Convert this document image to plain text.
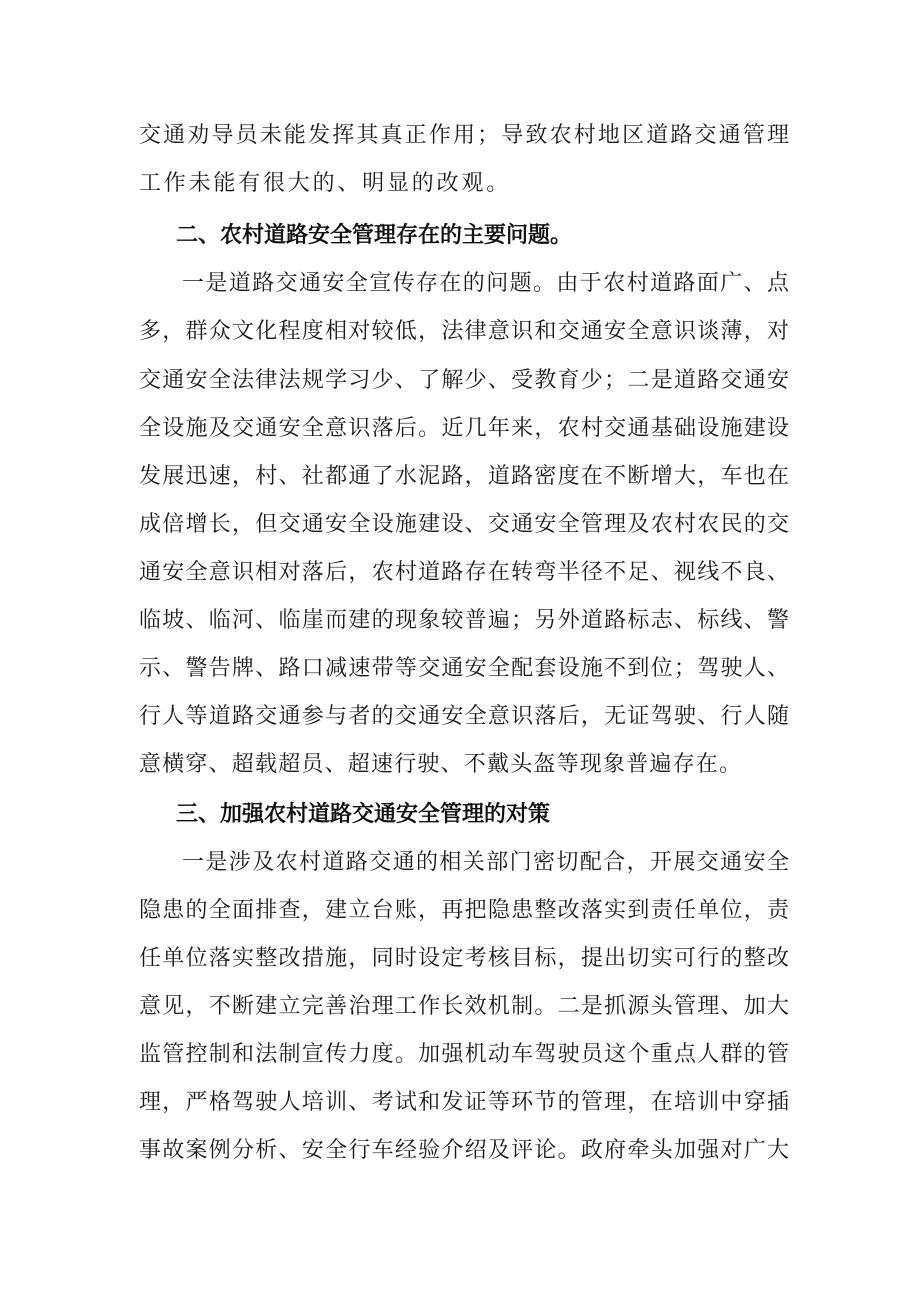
交通劝导员未能发挥其真正作用；导致农村地区道路交通管理
工作未能有很大的、明显的改观。
二、农村道路安全管理存在的主要问题。
一是道路交通安全宣传存在的问题。由于农村道路面广、点
多，群众文化程度相对较低，法律意识和交通安全意识谈薄，对
交通安全法律法规学习少、了解少、受教育少；二是道路交通安
全设施及交通安全意识落后。近几年来，农村交通基础设施建设
发展迅速，村、社都通了水泥路，道路密度在不断增大，车也在
成倍增长，但交通安全设施建设、交通安全管理及农村农民的交
通安全意识相对落后，农村道路存在转弯半径不足、视线不良、
临坡、临河、临崖而建的现象较普遍；另外道路标志、标线、警
示、警告牌、路口减速带等交通安全配套设施不到位；驾驶人、
行人等道路交通参与者的交通安全意识落后，无证驾驶、行人随
意横穿、超载超员、超速行驶、不戴头盔等现象普遍存在。
三、加强农村道路交通安全管理的对策
一是涉及农村道路交通的相关部门密切配合，开展交通安全
隐患的全面排查，建立台账，再把隐患整改落实到责任单位，责
任单位落实整改措施，同时设定考核目标，提出切实可行的整改
意见，不断建立完善治理工作长效机制。二是抓源头管理、加大
监管控制和法制宣传力度。加强机动车驾驶员这个重点人群的管
理，严格驾驶人培训、考试和发证等环节的管理，在培训中穿插
事故案例分析、安全行车经验介绍及评论。政府牵头加强对广大
